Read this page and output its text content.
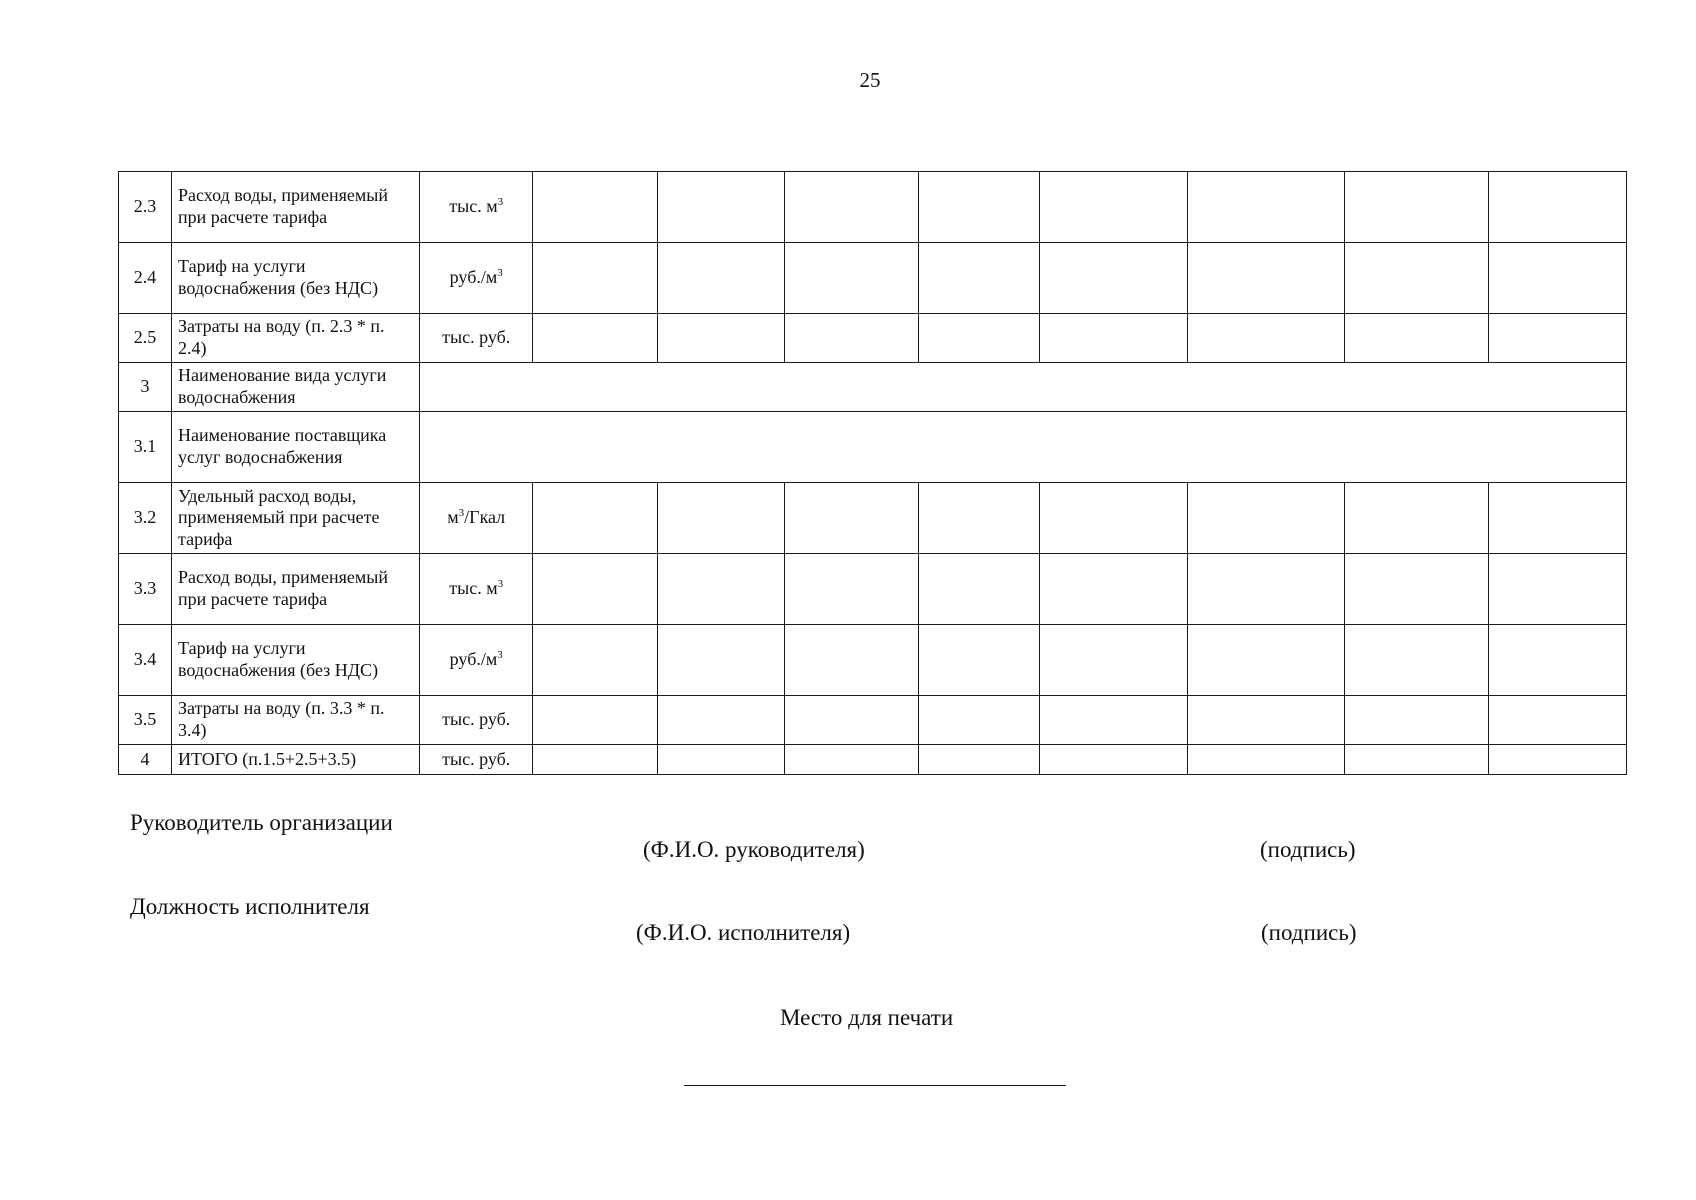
25
2.3	Расход воды, применяемый при расчете тарифа	тыс. $м^3$								
2.4	Тариф на услуги водоснабжения (без НДС)	$руб./м^3$								
2.5	Затраты на воду (п. 2.3 * п. 2.4)	тыс. руб.								
3	Наименование вида услуги водоснабжения									
3.1	Наименование поставщика услуг водоснабжения									
3.2	Удельный расход воды, применяемый при расчете тарифа	$м^3$/Гкал								
3.3	Расход воды, применяемый при расчете тарифа	тыс. $м^3$								
3.4	Тариф на услуги водоснабжения (без НДС)	$руб./м^3$								
3.5	Затраты на воду (п. 3.3 * п. 3.4)	тыс. руб.								
4	ИТОГО (п.1.5+2.5+3.5)	тыс. руб.								
Руководитель организации
(Ф.И.О. руководителя)	(подпись)
Должность исполнителя
(Ф.И.О. исполнителя)	(подпись)
Место для печати
